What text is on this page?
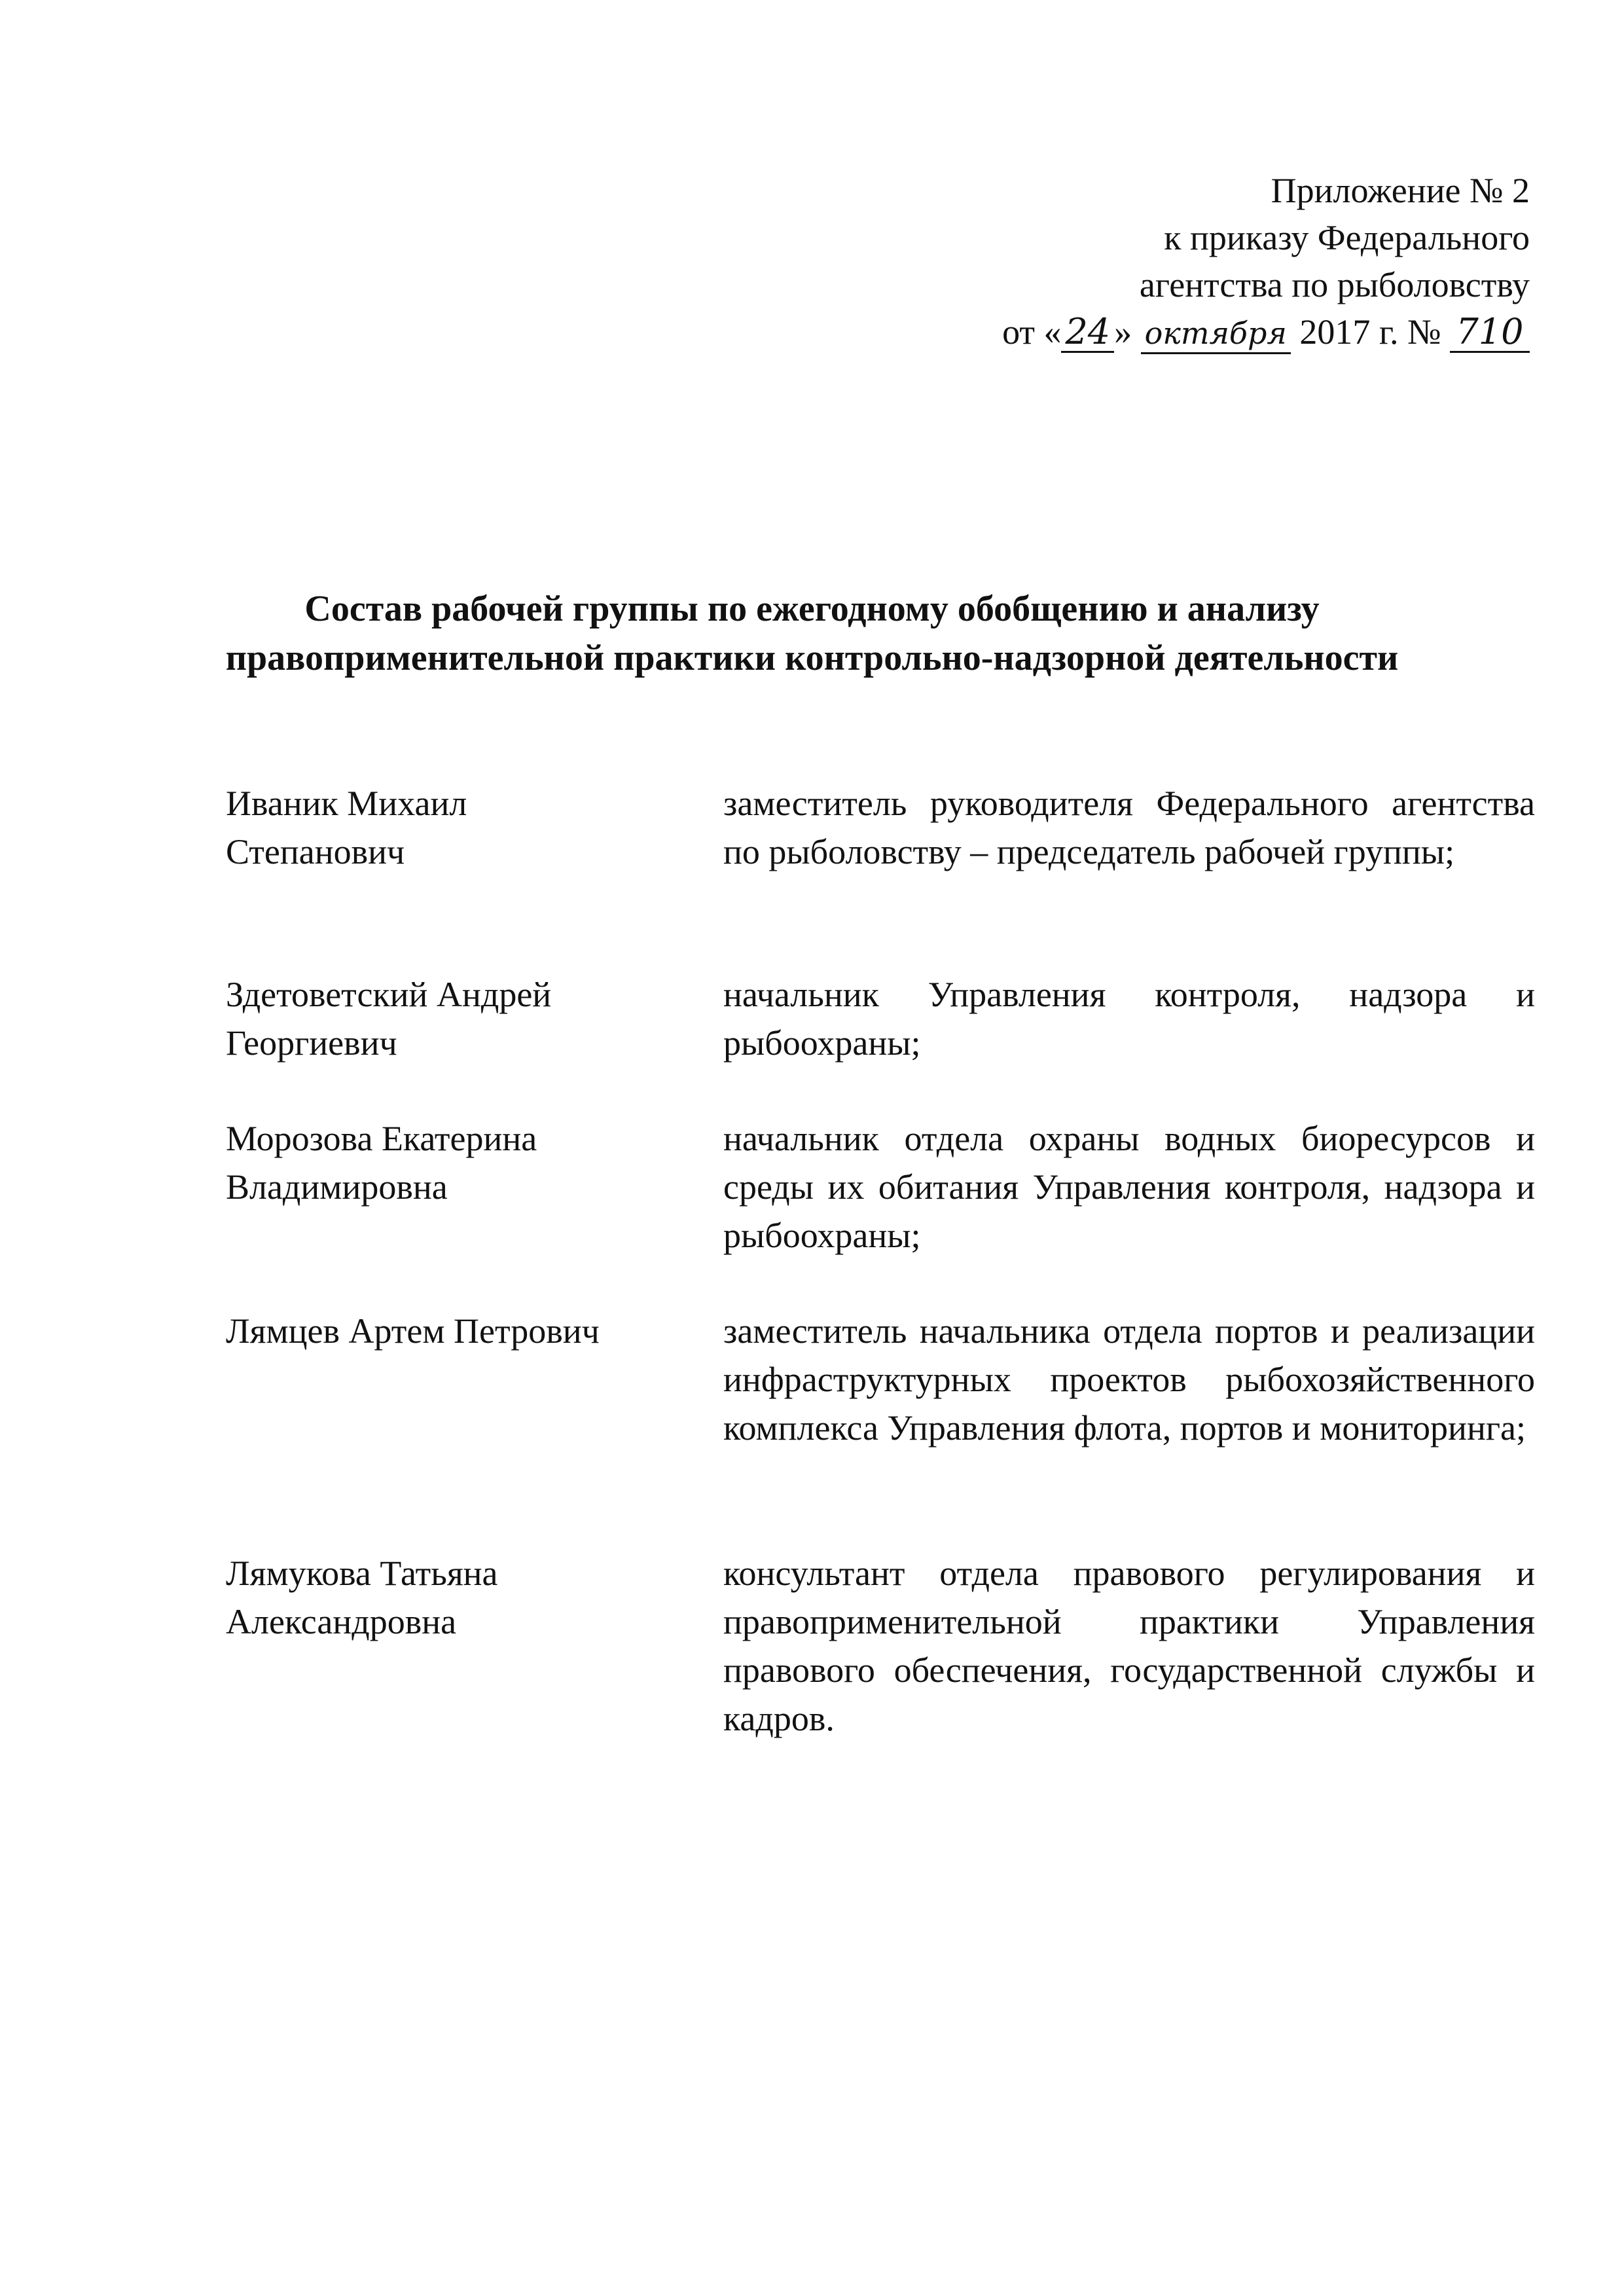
Приложение № 2
к приказу Федерального
агентства по рыболовству
от « 24 » октября 2017 г. № 710
Состав рабочей группы по ежегодному обобщению и анализу
правоприменительной практики контрольно-надзорной деятельности
Иваник Михаил
Степанович
заместитель руководителя Федерального агентства по рыболовству – председатель рабочей группы;
Здетоветский Андрей
Георгиевич
начальник Управления контроля, надзора и рыбоохраны;
Морозова Екатерина
Владимировна
начальник отдела охраны водных биоресурсов и среды их обитания Управления контроля, надзора и рыбоохраны;
Лямцев Артем Петрович	заместитель начальника отдела портов и реализации инфраструктурных проектов рыбохозяйственного комплекса Управления флота, портов и мониторинга;
Лямукова Татьяна
Александровна
консультант отдела правового регулирования и правоприменительной практики Управления правового обеспечения, государственной службы и кадров.
